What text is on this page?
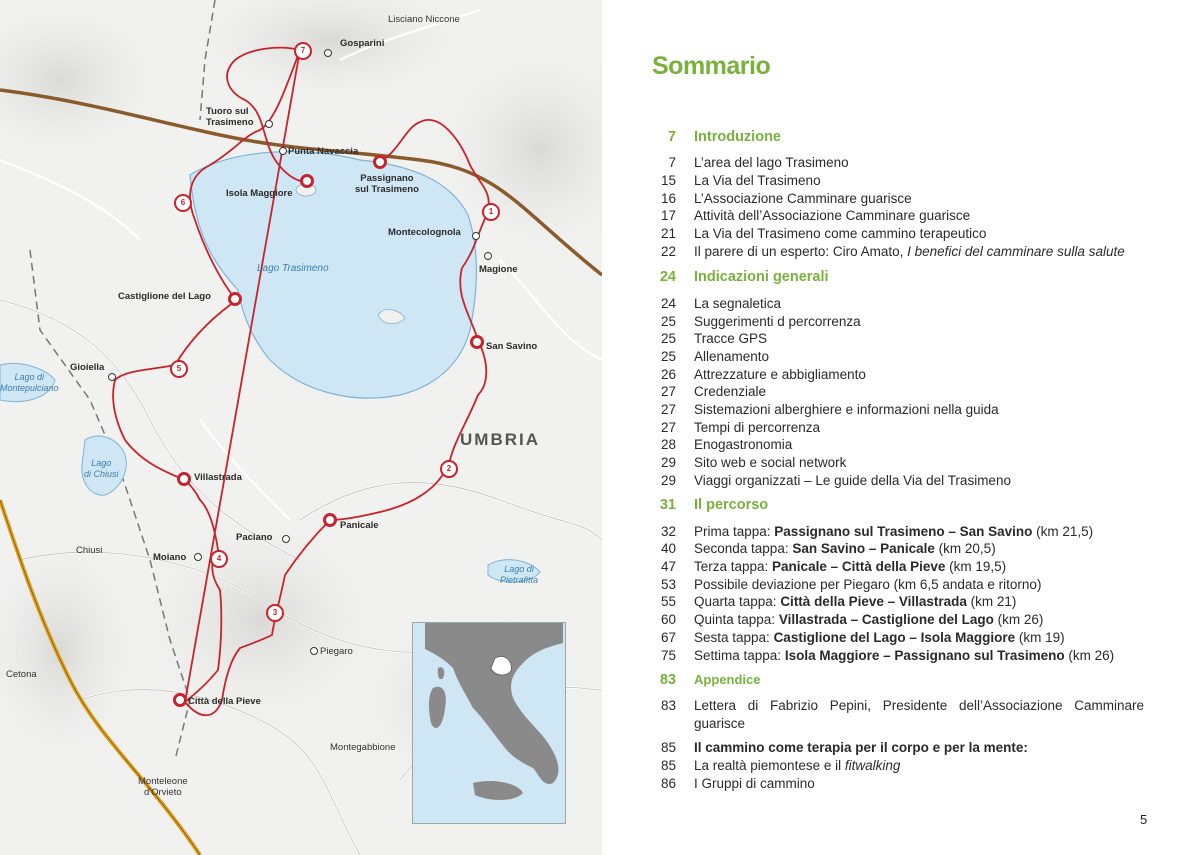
1
2
3
4
5
6
7
Lisciano Niccone
Gosparini
Tuoro sul
Trasimeno
Punta Navaccia
Isola Maggiore
Passignano
sul Trasimeno
Montecolognola
Magione
Lago Trasimeno
Castiglione del Lago
San Savino
Gioiella
Lago di
Montepulciano
UMBRIA
Lago
di Chiusi	Villastrada
Paciano
Panicale
Chiusi
Moiano
Lago di
Pietrafitta
Piegaro
Cetona
Città della Pieve
Montegabbione
Monteleone
d'Orvieto
Sommario
7 Introduzione
7 L’area del lago Trasimeno
15 La Via del Trasimeno
16 L’Associazione Camminare guarisce
17 Attività dell’Associazione Camminare guarisce
21 La Via del Trasimeno come cammino terapeutico
22 Il parere di un esperto: Ciro Amato, I benefici del camminare sulla salute
24 Indicazioni generali
24 La segnaletica
25 Suggerimenti d percorrenza
25 Tracce GPS
25 Allenamento
26 Attrezzature e abbigliamento
27 Credenziale
27 Sistemazioni alberghiere e informazioni nella guida
27 Tempi di percorrenza
28 Enogastronomia
29 Sito web e social network
29 Viaggi organizzati – Le guide della Via del Trasimeno
31 Il percorso
32 Prima tappa: Passignano sul Trasimeno – San Savino (km 21,5)
40 Seconda tappa: San Savino – Panicale (km 20,5)
47 Terza tappa: Panicale – Città della Pieve (km 19,5)
53 Possibile deviazione per Piegaro (km 6,5 andata e ritorno)
55 Quarta tappa: Città della Pieve – Villastrada (km 21)
60 Quinta tappa: Villastrada – Castiglione del Lago (km 26)
67 Sesta tappa: Castiglione del Lago – Isola Maggiore (km 19)
75 Settima tappa: Isola Maggiore – Passignano sul Trasimeno (km 26)
83 Appendice
83 Lettera di Fabrizio Pepini, Presidente dell’Associazione Camminare guarisce
85 Il cammino come terapia per il corpo e per la mente:
85 La realtà piemontese e il fitwalking
86 I Gruppi di cammino
5
